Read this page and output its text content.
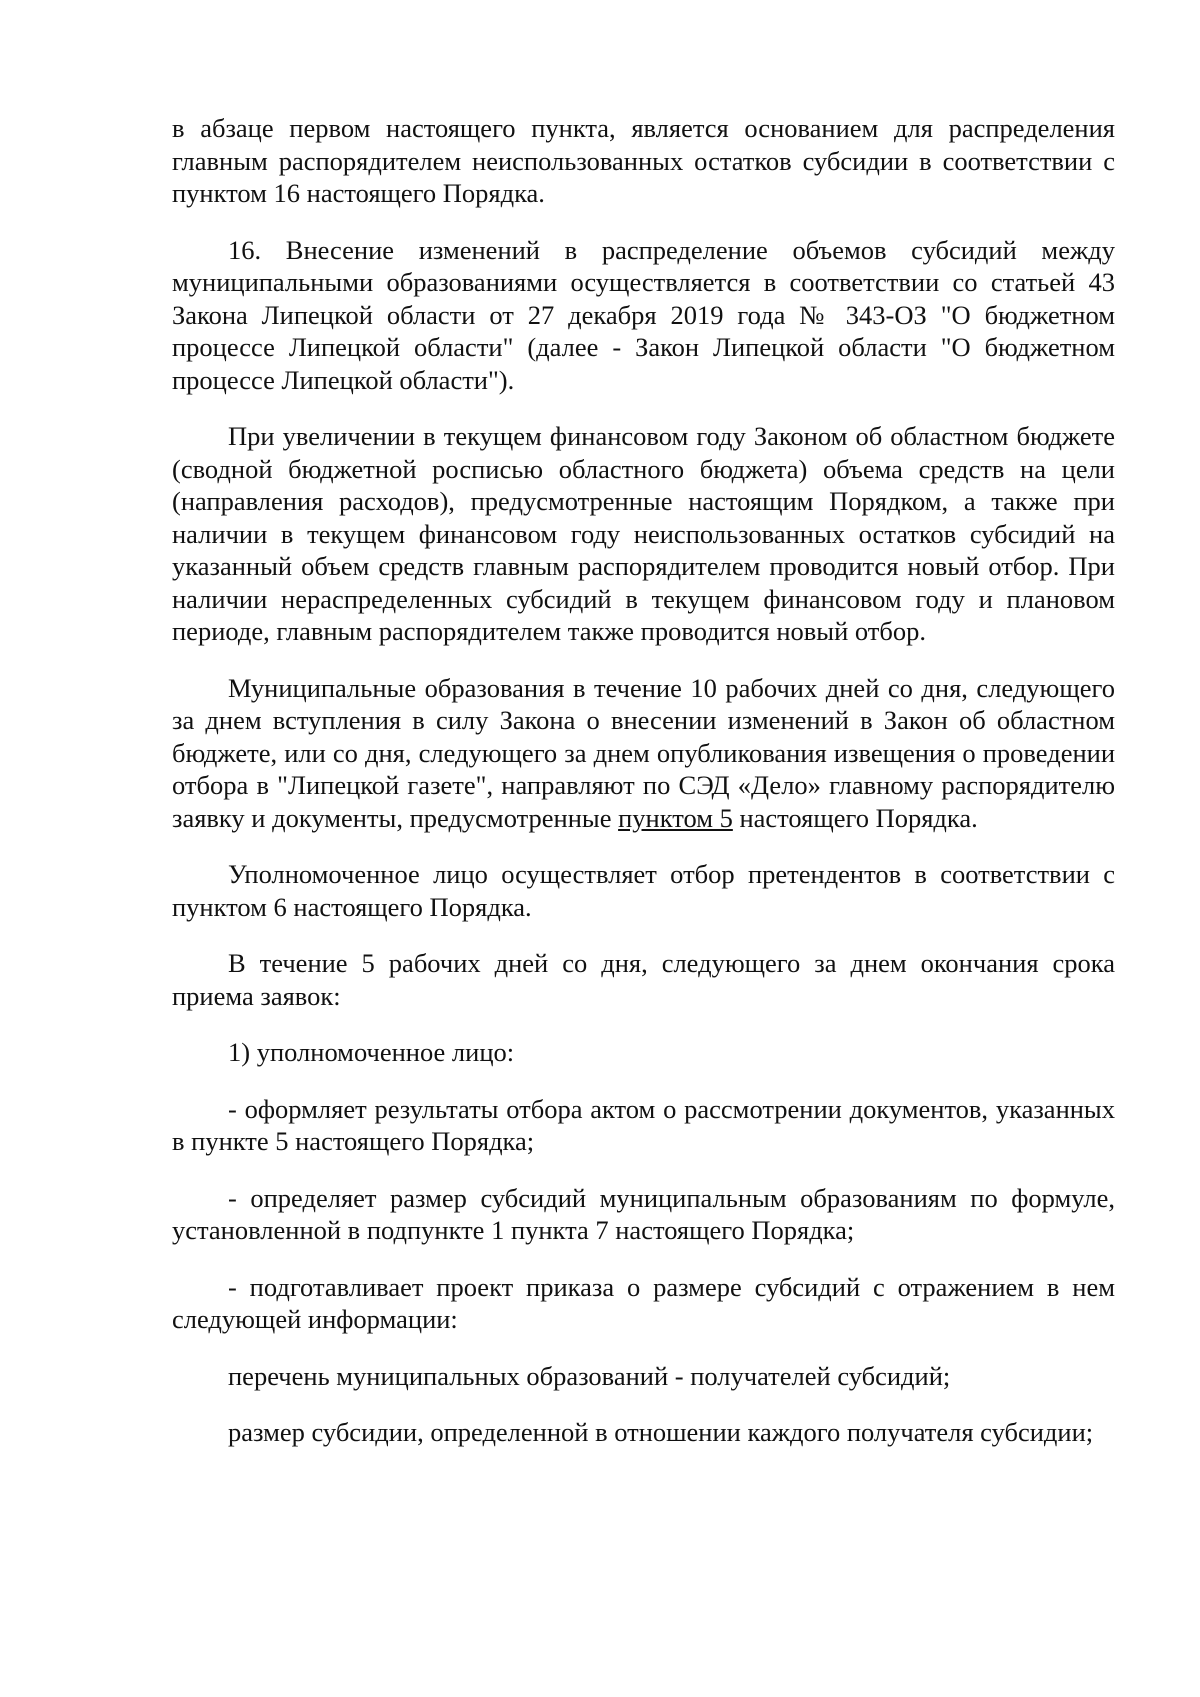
в абзаце первом настоящего пункта, является основанием для распределения главным распорядителем неиспользованных остатков субсидии в соответствии с пунктом 16 настоящего Порядка.

16. Внесение изменений в распределение объемов субсидий между муниципальными образованиями осуществляется в соответствии со статьей 43 Закона Липецкой области от 27 декабря 2019 года № 343-ОЗ "О бюджетном процессе Липецкой области" (далее - Закон Липецкой области "О бюджетном процессе Липецкой области").

При увеличении в текущем финансовом году Законом об областном бюджете (сводной бюджетной росписью областного бюджета) объема средств на цели (направления расходов), предусмотренные настоящим Порядком, а также при наличии в текущем финансовом году неиспользованных остатков субсидий на указанный объем средств главным распорядителем проводится новый отбор. При наличии нераспределенных субсидий в текущем финансовом году и плановом периоде, главным распорядителем также проводится новый отбор.

Муниципальные образования в течение 10 рабочих дней со дня, следующего за днем вступления в силу Закона о внесении изменений в Закон об областном бюджете, или со дня, следующего за днем опубликования извещения о проведении отбора в "Липецкой газете", направляют по СЭД «Дело» главному распорядителю заявку и документы, предусмотренные пунктом 5 настоящего Порядка.

Уполномоченное лицо осуществляет отбор претендентов в соответствии с пунктом 6 настоящего Порядка.

В течение 5 рабочих дней со дня, следующего за днем окончания срока приема заявок:

1) уполномоченное лицо:

- оформляет результаты отбора актом о рассмотрении документов, указанных в пункте 5 настоящего Порядка;

- определяет размер субсидий муниципальным образованиям по формуле, установленной в подпункте 1 пункта 7 настоящего Порядка;

- подготавливает проект приказа о размере субсидий с отражением в нем следующей информации:

перечень муниципальных образований - получателей субсидий;

размер субсидии, определенной в отношении каждого получателя субсидии;
